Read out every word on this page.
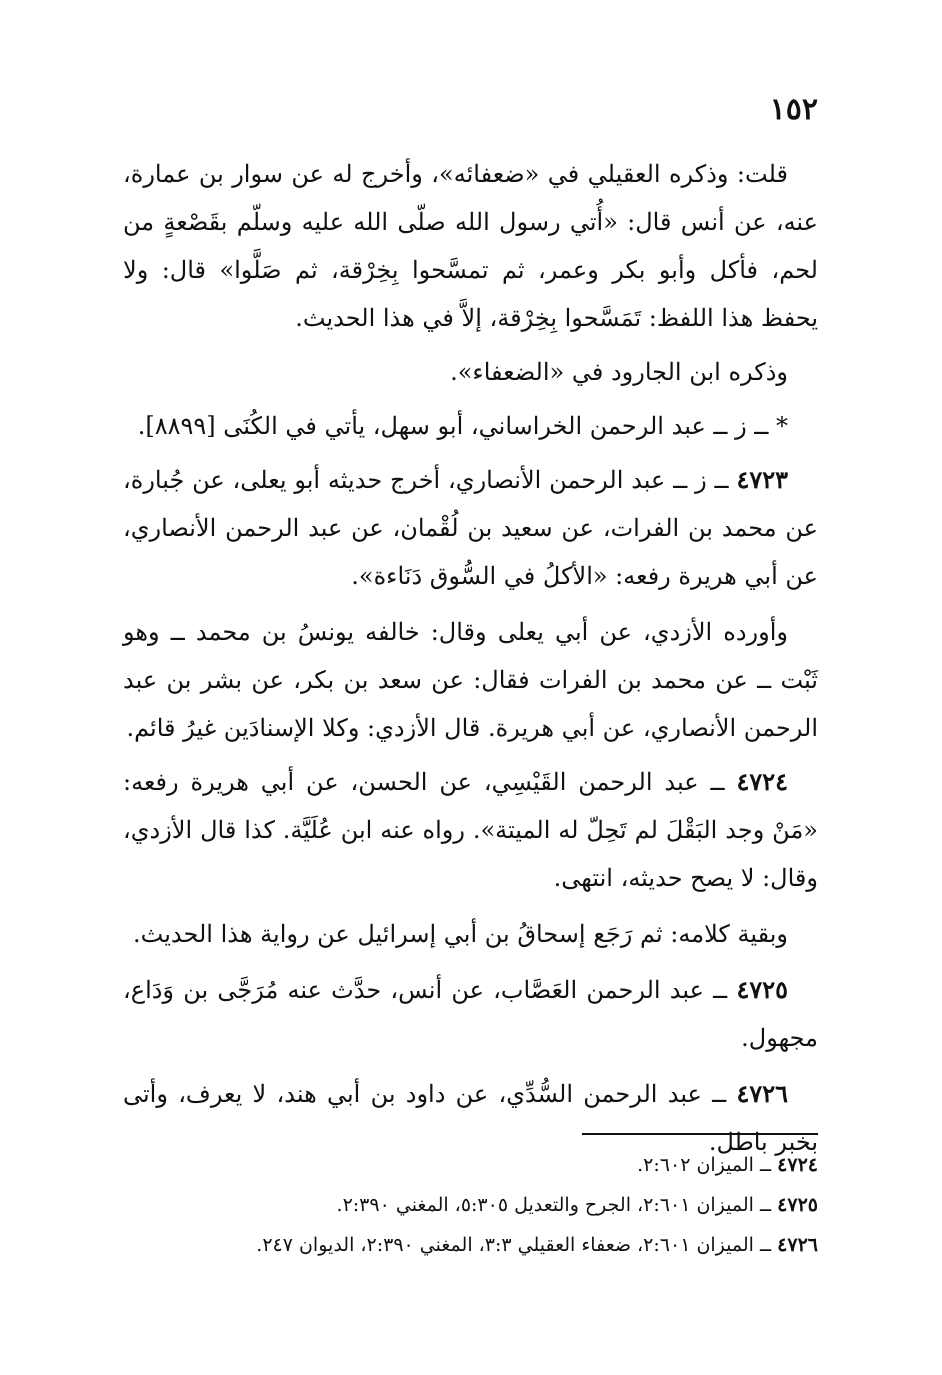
١٥٢

قلت: وذكره العقيلي في «ضعفائه»، وأخرج له عن سوار بن عمارة، عنه، عن أنس قال: «أُتي رسول الله صلّى الله عليه وسلّم بقَصْعةٍ من لحم، فأكل وأبو بكر وعمر، ثم تمسَّحوا بِخِرْقة، ثم صَلَّوا» قال: ولا يحفظ هذا اللفظ: تَمَسَّحوا بِخِرْقة، إلاَّ في هذا الحديث.

وذكره ابن الجارود في «الضعفاء».

* ــ ز ــ عبد الرحمن الخراساني، أبو سهل، يأتي في الكُنَى [٨٨٩٩].

٤٧٢٣ ــ ز ــ عبد الرحمن الأنصاري، أخرج حديثه أبو يعلى، عن جُبارة، عن محمد بن الفرات، عن سعيد بن لُقْمان، عن عبد الرحمن الأنصاري، عن أبي هريرة رفعه: «الأكلُ في السُّوق دَنَاءة».

وأورده الأزدي، عن أبي يعلى وقال: خالفه يونسُ بن محمد ــ وهو ثَبْت ــ عن محمد بن الفرات فقال: عن سعد بن بكر، عن بشر بن عبد الرحمن الأنصاري، عن أبي هريرة. قال الأزدي: وكلا الإسنادَين غيرُ قائم.

٤٧٢٤ ــ عبد الرحمن القَيْسِي، عن الحسن، عن أبي هريرة رفعه: «مَنْ وجد البَقْلَ لم تَحِلّ له الميتة». رواه عنه ابن عُلَيَّة. كذا قال الأزدي، وقال: لا يصح حديثه، انتهى.

وبقية كلامه: ثم رَجَع إسحاقُ بن أبي إسرائيل عن رواية هذا الحديث.

٤٧٢٥ ــ عبد الرحمن العَصَّاب، عن أنس، حدَّث عنه مُرَجَّى بن وَدَاع، مجهول.

٤٧٢٦ ــ عبد الرحمن السُّدِّي، عن داود بن أبي هند، لا يعرف، وأتى بخبر باطل.

٤٧٢٤ ــ الميزان ٢:٦٠٢.

٤٧٢٥ ــ الميزان ٢:٦٠١، الجرح والتعديل ٥:٣٠٥، المغني ٢:٣٩٠.

٤٧٢٦ ــ الميزان ٢:٦٠١، ضعفاء العقيلي ٣:٣، المغني ٢:٣٩٠، الديوان ٢٤٧.
